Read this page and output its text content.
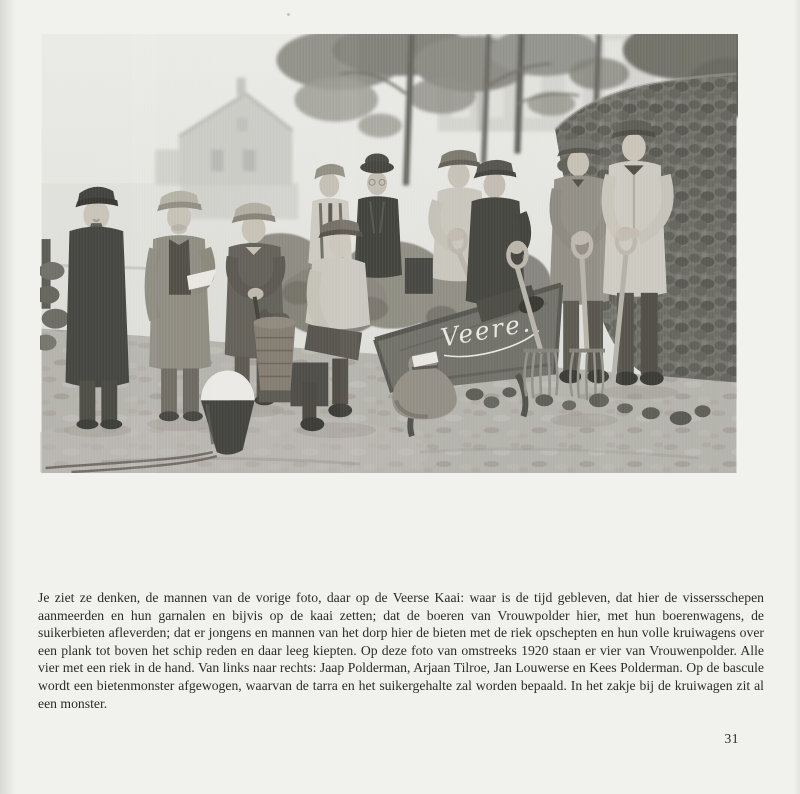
Je ziet ze denken, de mannen van de vorige foto, daar op de Veerse Kaai: waar is de tijd gebleven, dat hier de vissersschepen aanmeerden en hun garnalen en bijvis op de kaai zetten; dat de boeren van Vrouwpolder hier, met hun boerenwagens, de suikerbieten afleverden; dat er jongens en mannen van het dorp hier de bieten met de riek opschepten en hun volle kruiwagens over een plank tot boven het schip reden en daar leeg kiepten. Op deze foto van omstreeks 1920 staan er vier van Vrouwenpolder. Alle vier met een riek in de hand. Van links naar rechts: Jaap Polderman, Arjaan Tilroe, Jan Louwerse en Kees Polderman. Op de bascule wordt een bietenmonster afgewogen, waarvan de tarra en het suikergehalte zal worden bepaald. In het zakje bij de kruiwagen zit al een monster.

31
